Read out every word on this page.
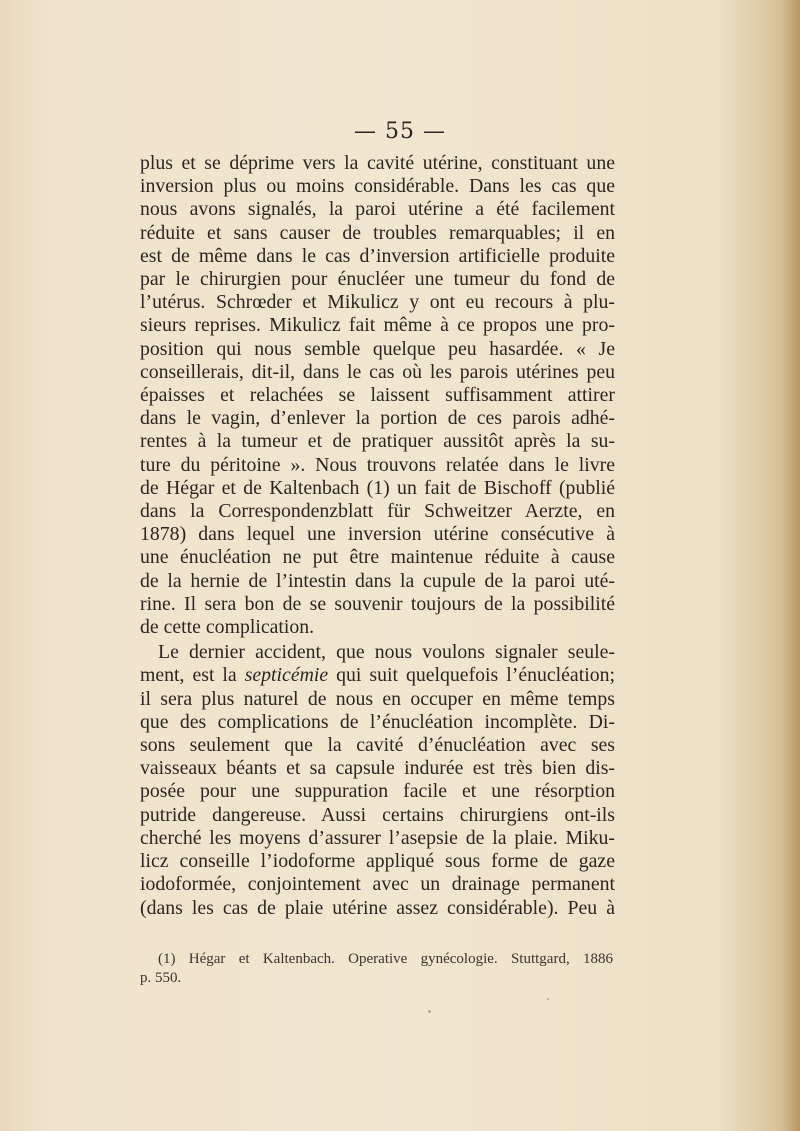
— 55 —
plus et se déprime vers la cavité utérine, constituant une
inversion plus ou moins considérable. Dans les cas que
nous avons signalés, la paroi utérine a été facilement
réduite et sans causer de troubles remarquables; il en
est de même dans le cas d’inversion artificielle produite
par le chirurgien pour énucléer une tumeur du fond de
l’utérus. Schrœder et Mikulicz y ont eu recours à plu-
sieurs reprises. Mikulicz fait même à ce propos une pro-
position qui nous semble quelque peu hasardée. « Je
conseillerais, dit-il, dans le cas où les parois utérines peu
épaisses et relachées se laissent suffisamment attirer
dans le vagin, d’enlever la portion de ces parois adhé-
rentes à la tumeur et de pratiquer aussitôt après la su-
ture du péritoine ». Nous trouvons relatée dans le livre
de Hégar et de Kaltenbach (1) un fait de Bischoff (publié
dans la Correspondenzblatt für Schweitzer Aerzte, en
1878) dans lequel une inversion utérine consécutive à
une énucléation ne put être maintenue réduite à cause
de la hernie de l’intestin dans la cupule de la paroi uté-
rine. Il sera bon de se souvenir toujours de la possibilité
de cette complication.
Le dernier accident, que nous voulons signaler seule-
ment, est la septicémie qui suit quelquefois l’énucléation;
il sera plus naturel de nous en occuper en même temps
que des complications de l’énucléation incomplète. Di-
sons seulement que la cavité d’énucléation avec ses
vaisseaux béants et sa capsule indurée est très bien dis-
posée pour une suppuration facile et une résorption
putride dangereuse. Aussi certains chirurgiens ont-ils
cherché les moyens d’assurer l’asepsie de la plaie. Miku-
licz conseille l’iodoforme appliqué sous forme de gaze
iodoformée, conjointement avec un drainage permanent
(dans les cas de plaie utérine assez considérable). Peu à
(1) Hégar et Kaltenbach. Operative gynécologie. Stuttgard, 1886
p. 550.
